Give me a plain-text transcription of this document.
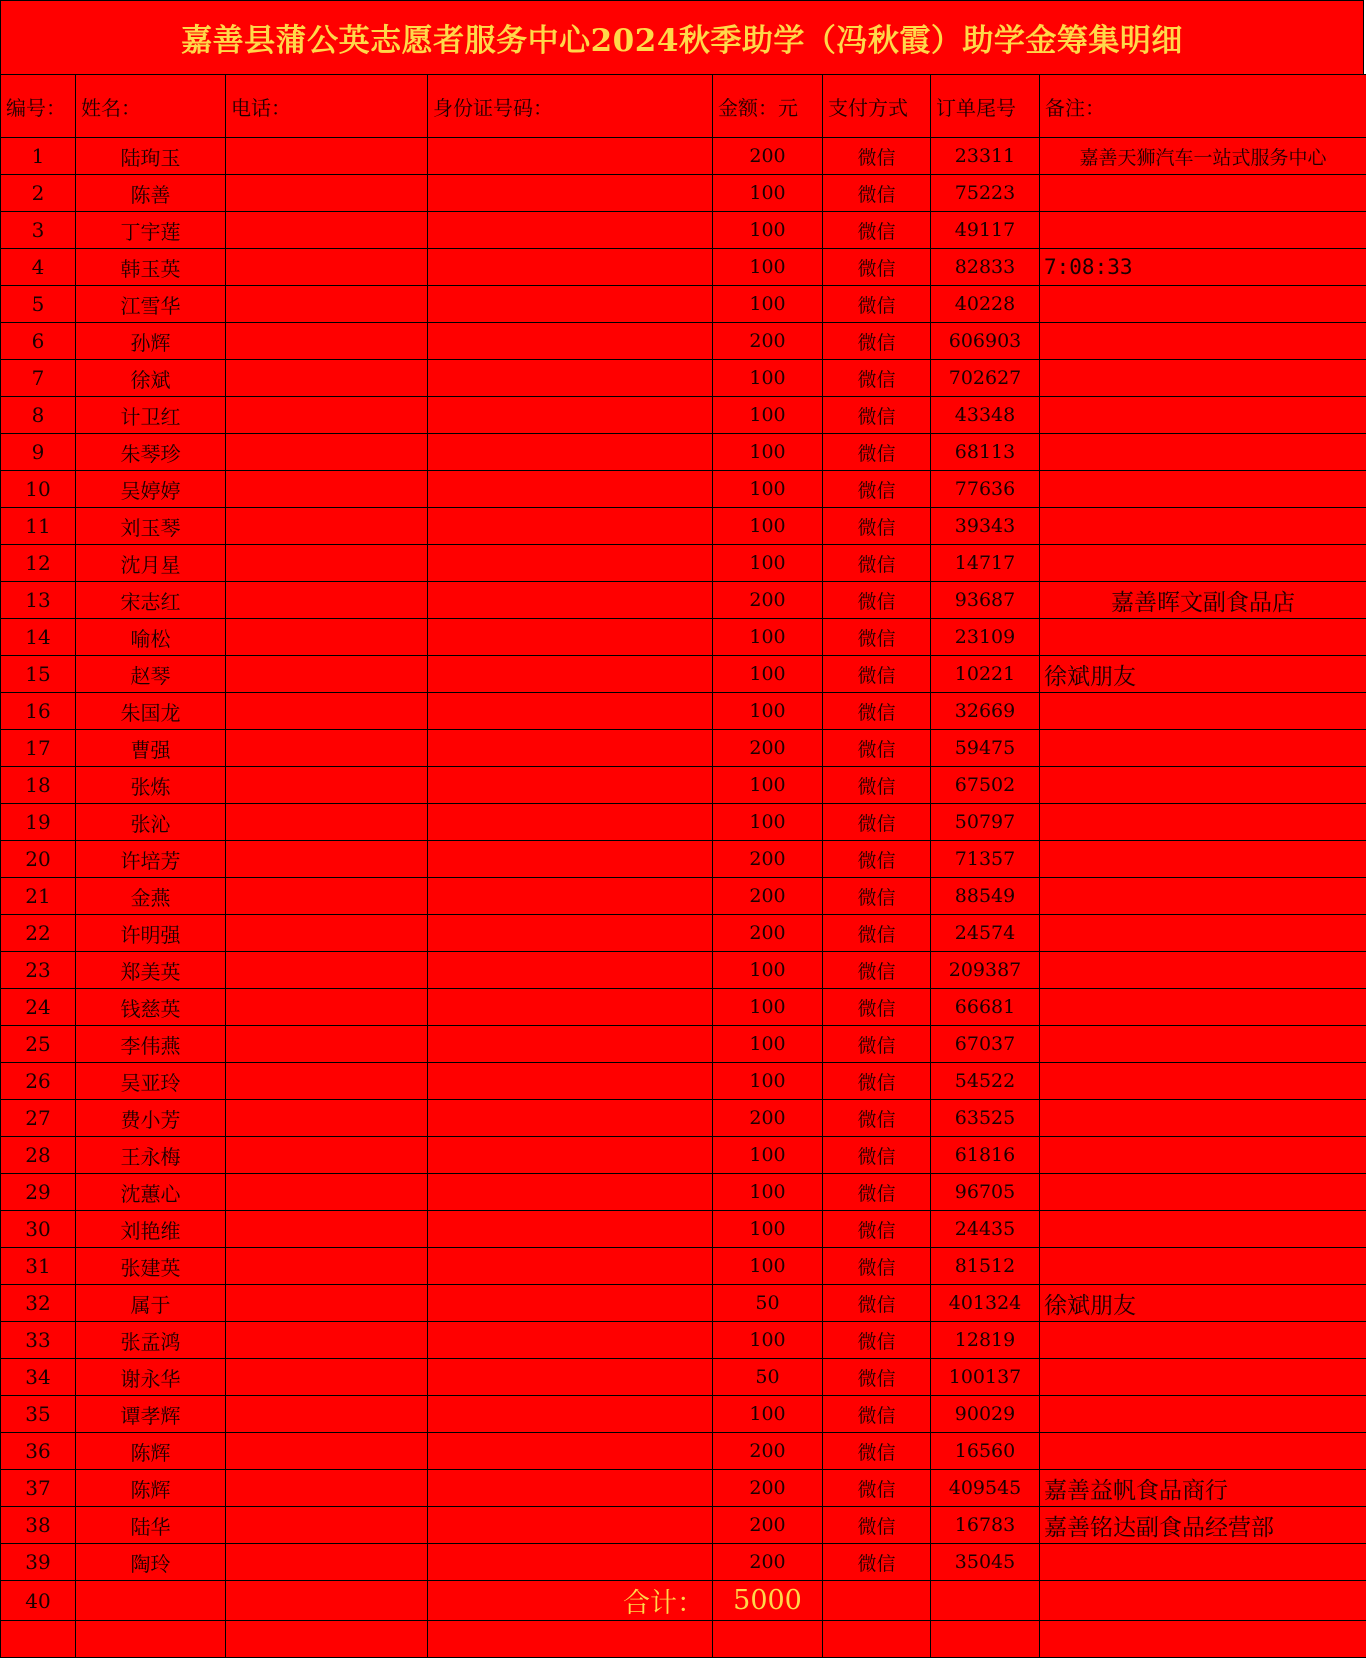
嘉善县蒲公英志愿者服务中心2024秋季助学（冯秋霞）助学金筹集明细
编号：	姓名：	电话：	身份证号码：	金额：元	支付方式	订单尾号	备注：
1	陆珣玉			200	微信	23311	嘉善天狮汽车一站式服务中心
2	陈善			100	微信	75223	
3	丁宇莲			100	微信	49117	
4	韩玉英			100	微信	82833	7:08:33
5	江雪华			100	微信	40228	
6	孙辉			200	微信	606903	
7	徐斌			100	微信	702627	
8	计卫红			100	微信	43348	
9	朱琴珍			100	微信	68113	
10	吴婷婷			100	微信	77636	
11	刘玉琴			100	微信	39343	
12	沈月星			100	微信	14717	
13	宋志红			200	微信	93687	嘉善晖文副食品店
14	喻松			100	微信	23109	
15	赵琴			100	微信	10221	徐斌朋友
16	朱国龙			100	微信	32669	
17	曹强			200	微信	59475	
18	张炼			100	微信	67502	
19	张沁			100	微信	50797	
20	许培芳			200	微信	71357	
21	金燕			200	微信	88549	
22	许明强			200	微信	24574	
23	郑美英			100	微信	209387	
24	钱慈英			100	微信	66681	
25	李伟燕			100	微信	67037	
26	吴亚玲			100	微信	54522	
27	费小芳			200	微信	63525	
28	王永梅			100	微信	61816	
29	沈蕙心			100	微信	96705	
30	刘艳维			100	微信	24435	
31	张建英			100	微信	81512	
32	属于			50	微信	401324	徐斌朋友
33	张孟鸿			100	微信	12819	
34	谢永华			50	微信	100137	
35	谭孝辉			100	微信	90029	
36	陈辉			200	微信	16560	
37	陈辉			200	微信	409545	嘉善益帆食品商行
38	陆华			200	微信	16783	嘉善铭达副食品经营部
39	陶玲			200	微信	35045	
40			合计：	5000			
